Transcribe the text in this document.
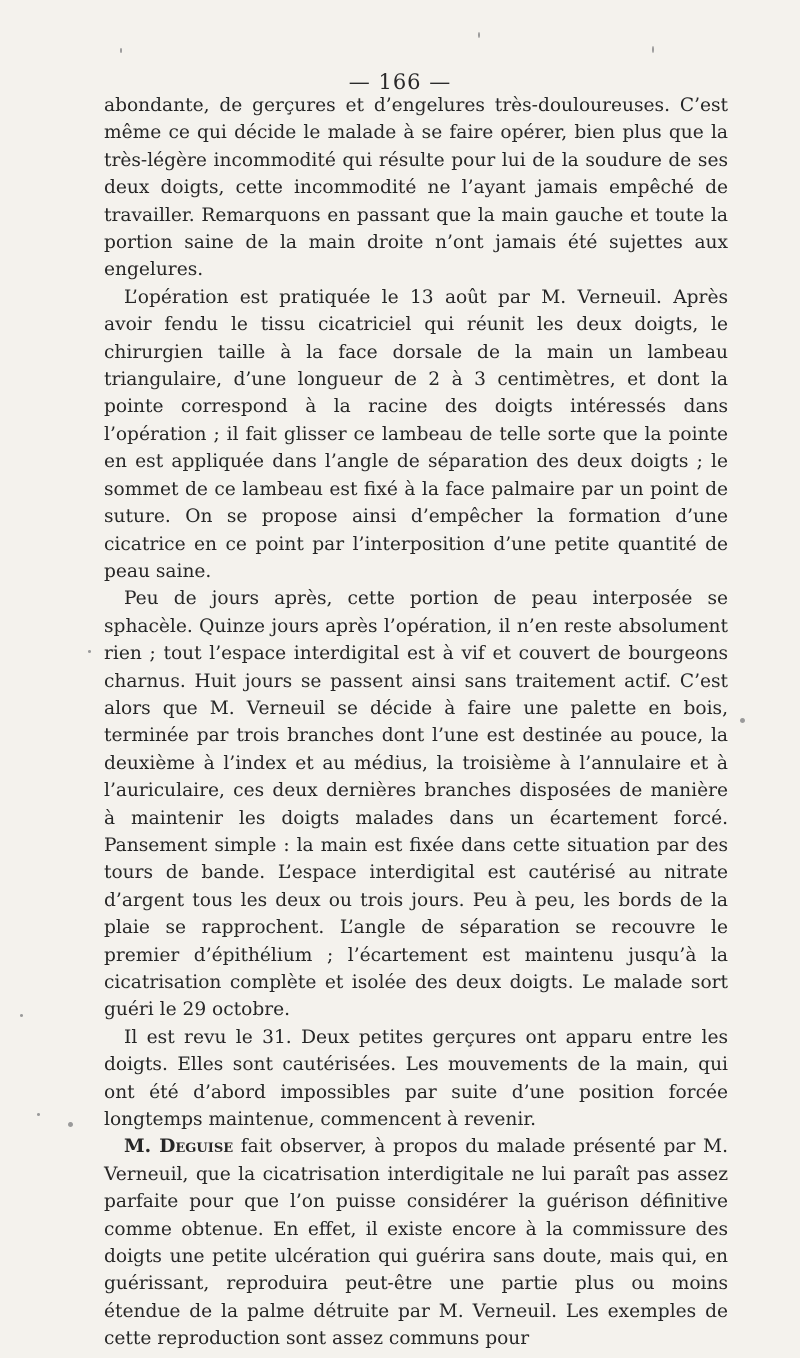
— 166 —

abondante, de gerçures et d’engelures très-douloureuses. C’est même ce qui décide le malade à se faire opérer, bien plus que la très-légère incommodité qui résulte pour lui de la soudure de ses deux doigts, cette incommodité ne l’ayant jamais empêché de travailler. Remarquons en passant que la main gauche et toute la portion saine de la main droite n’ont jamais été sujettes aux engelures.

L’opération est pratiquée le 13 août par M. Verneuil. Après avoir fendu le tissu cicatriciel qui réunit les deux doigts, le chirurgien taille à la face dorsale de la main un lambeau triangulaire, d’une longueur de 2 à 3 centimètres, et dont la pointe correspond à la racine des doigts intéressés dans l’opération ; il fait glisser ce lambeau de telle sorte que la pointe en est appliquée dans l’angle de séparation des deux doigts ; le sommet de ce lambeau est fixé à la face palmaire par un point de suture. On se propose ainsi d’empêcher la formation d’une cicatrice en ce point par l’interposition d’une petite quantité de peau saine.

Peu de jours après, cette portion de peau interposée se sphacèle. Quinze jours après l’opération, il n’en reste absolument rien ; tout l’espace interdigital est à vif et couvert de bourgeons charnus. Huit jours se passent ainsi sans traitement actif. C’est alors que M. Verneuil se décide à faire une palette en bois, terminée par trois branches dont l’une est destinée au pouce, la deuxième à l’index et au médius, la troisième à l’annulaire et à l’auriculaire, ces deux dernières branches disposées de manière à maintenir les doigts malades dans un écartement forcé. Pansement simple : la main est fixée dans cette situation par des tours de bande. L’espace interdigital est cautérisé au nitrate d’argent tous les deux ou trois jours. Peu à peu, les bords de la plaie se rapprochent. L’angle de séparation se recouvre le premier d’épithélium ; l’écartement est maintenu jusqu’à la cicatrisation complète et isolée des deux doigts. Le malade sort guéri le 29 octobre.

Il est revu le 31. Deux petites gerçures ont apparu entre les doigts. Elles sont cautérisées. Les mouvements de la main, qui ont été d’abord impossibles par suite d’une position forcée longtemps maintenue, commencent à revenir.

M. Deguise fait observer, à propos du malade présenté par M. Verneuil, que la cicatrisation interdigitale ne lui paraît pas assez parfaite pour que l’on puisse considérer la guérison définitive comme obtenue. En effet, il existe encore à la commissure des doigts une petite ulcération qui guérira sans doute, mais qui, en guérissant, reproduira peut-être une partie plus ou moins étendue de la palme détruite par M. Verneuil. Les exemples de cette reproduction sont assez communs pour
